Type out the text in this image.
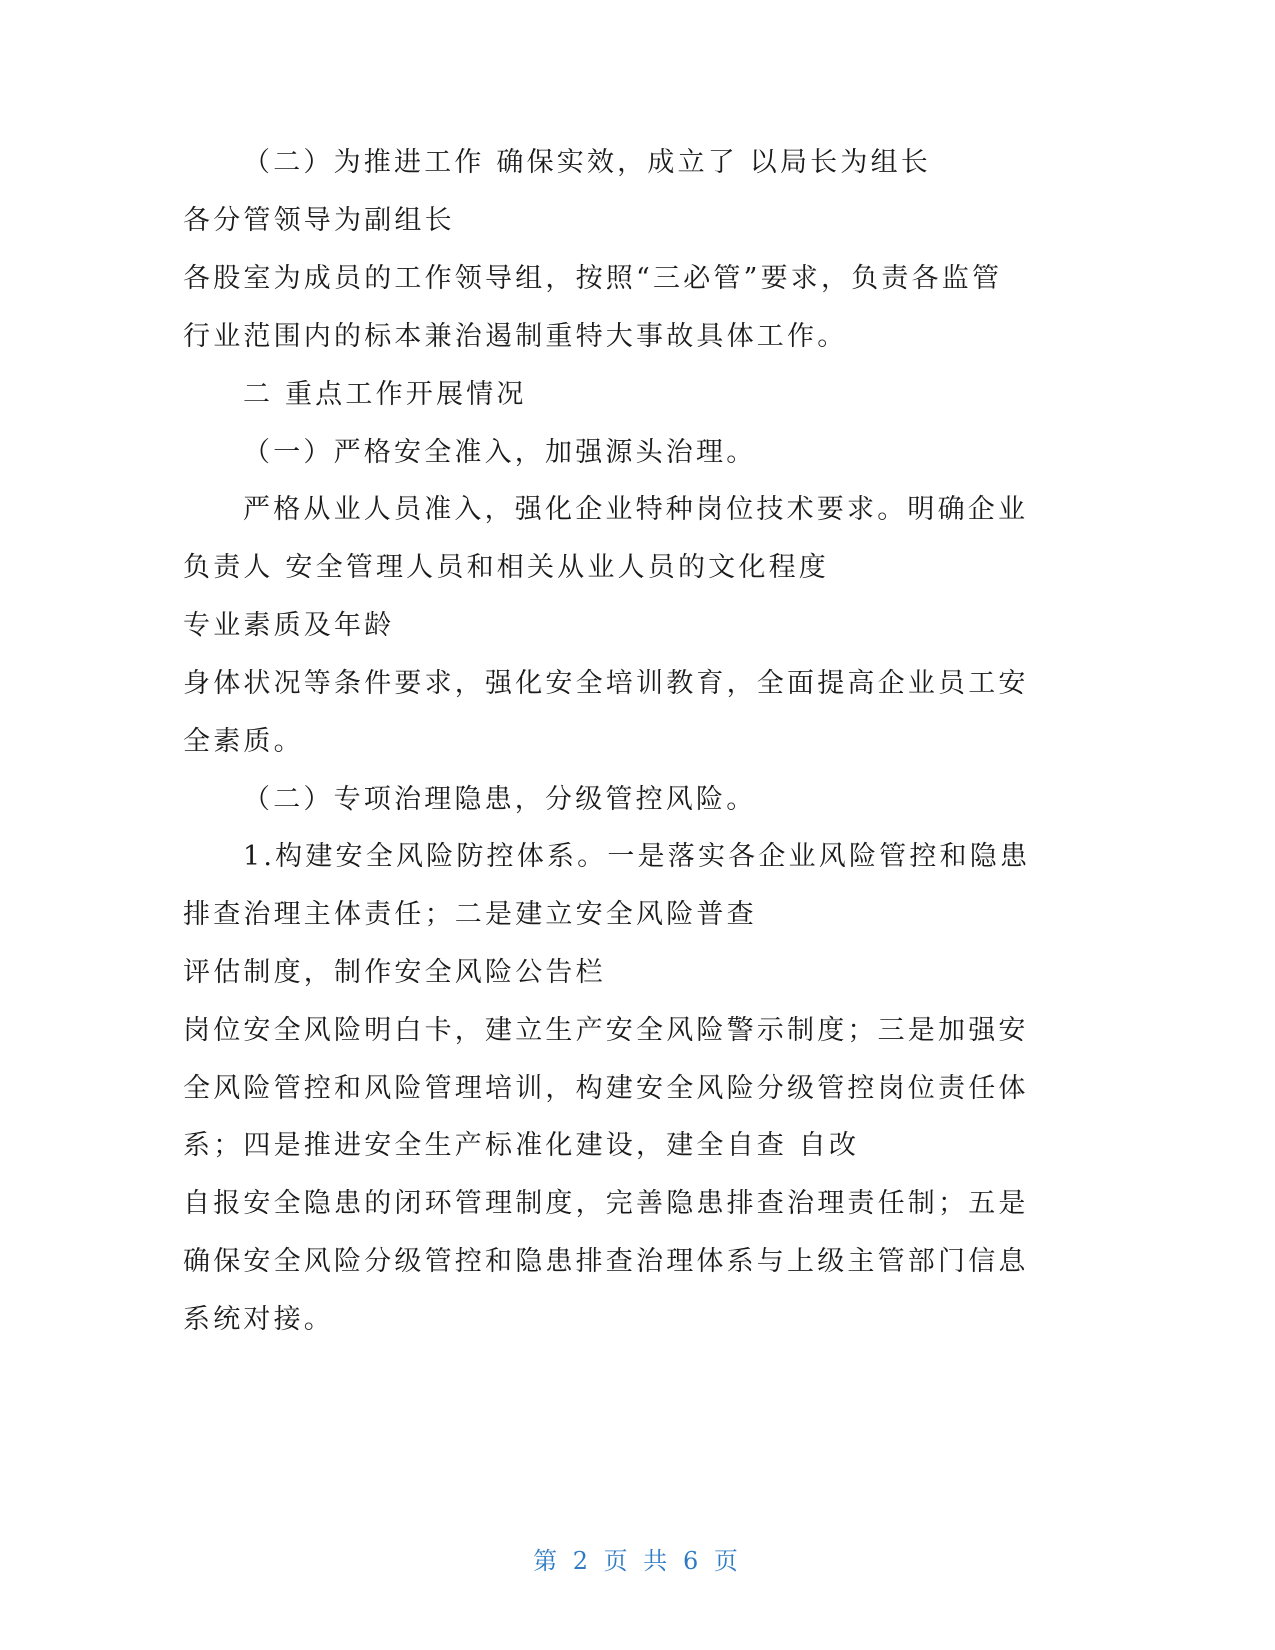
（二）为推进工作 确保实效，成立了 以局长为组长
各分管领导为副组长
各股室为成员的工作领导组，按照“三必管”要求，负责各监管
行业范围内的标本兼治遏制重特大事故具体工作。
二 重点工作开展情况
（一）严格安全准入，加强源头治理。
严格从业人员准入，强化企业特种岗位技术要求。明确企业
负责人 安全管理人员和相关从业人员的文化程度
专业素质及年龄
身体状况等条件要求，强化安全培训教育，全面提高企业员工安
全素质。
（二）专项治理隐患，分级管控风险。
1.构建安全风险防控体系。一是落实各企业风险管控和隐患
排查治理主体责任；二是建立安全风险普查
评估制度，制作安全风险公告栏
岗位安全风险明白卡，建立生产安全风险警示制度；三是加强安
全风险管控和风险管理培训，构建安全风险分级管控岗位责任体
系；四是推进安全生产标准化建设，建全自查 自改
自报安全隐患的闭环管理制度，完善隐患排查治理责任制；五是
确保安全风险分级管控和隐患排查治理体系与上级主管部门信息
系统对接。
第 2 页 共 6 页
